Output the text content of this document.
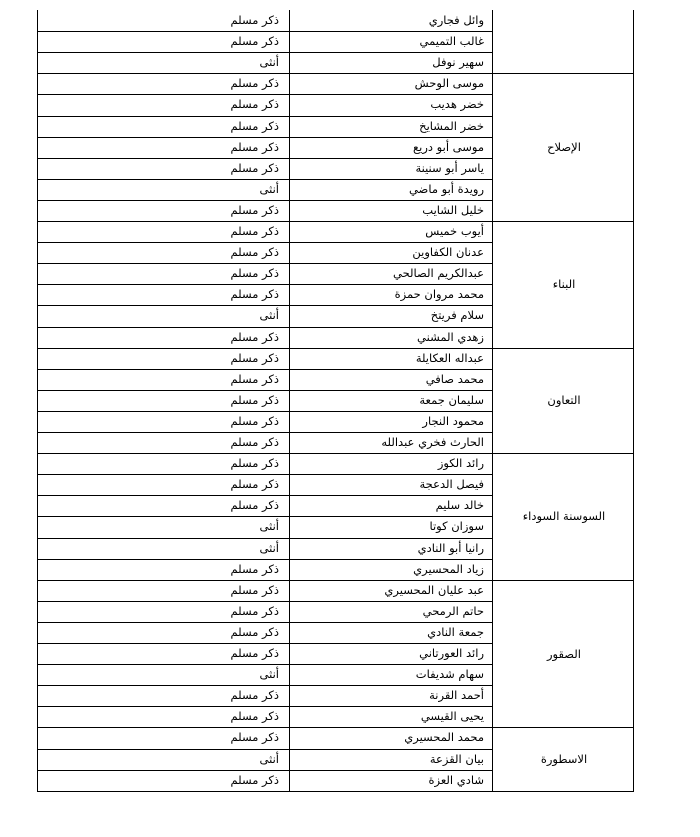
وائل فجاري
ذكر مسلم
غالب التميمي
ذكر مسلم
سهير نوفل
أنثى
موسى الوحش
ذكر مسلم
خضر هديب
ذكر مسلم
خضر المشايخ
ذكر مسلم
موسى أبو دريع
ذكر مسلم
ياسر أبو سنينة
ذكر مسلم
رويدة أبو ماضي
أنثى
خليل الشايب
ذكر مسلم
الإصلاح
أيوب خميس
ذكر مسلم
عدنان الكفاوين
ذكر مسلم
عبدالكريم الصالحي
ذكر مسلم
محمد مروان حمزة
ذكر مسلم
سلام فريتخ
أنثى
زهدي المشني
ذكر مسلم
البناء
عبداله العكايلة
ذكر مسلم
محمد صافي
ذكر مسلم
سليمان جمعة
ذكر مسلم
محمود النجار
ذكر مسلم
الحارث فخري عبدالله
ذكر مسلم
التعاون
رائد الكوز
ذكر مسلم
فيصل الدعجة
ذكر مسلم
خالد سليم
ذكر مسلم
سوزان كوتا
أنثى
رانيا أبو النادي
أنثى
زياد المحسيري
ذكر مسلم
السوسنة السوداء
عبد عليان المحسيري
ذكر مسلم
حاتم الرمحي
ذكر مسلم
جمعة النادي
ذكر مسلم
رائد العورتاني
ذكر مسلم
سهام شديفات
أنثى
أحمد القرنة
ذكر مسلم
يحيى القيسي
ذكر مسلم
الصقور
محمد المحسيري
ذكر مسلم
بيان القزعة
أنثى
شادي العزة
ذكر مسلم
الاسطورة
